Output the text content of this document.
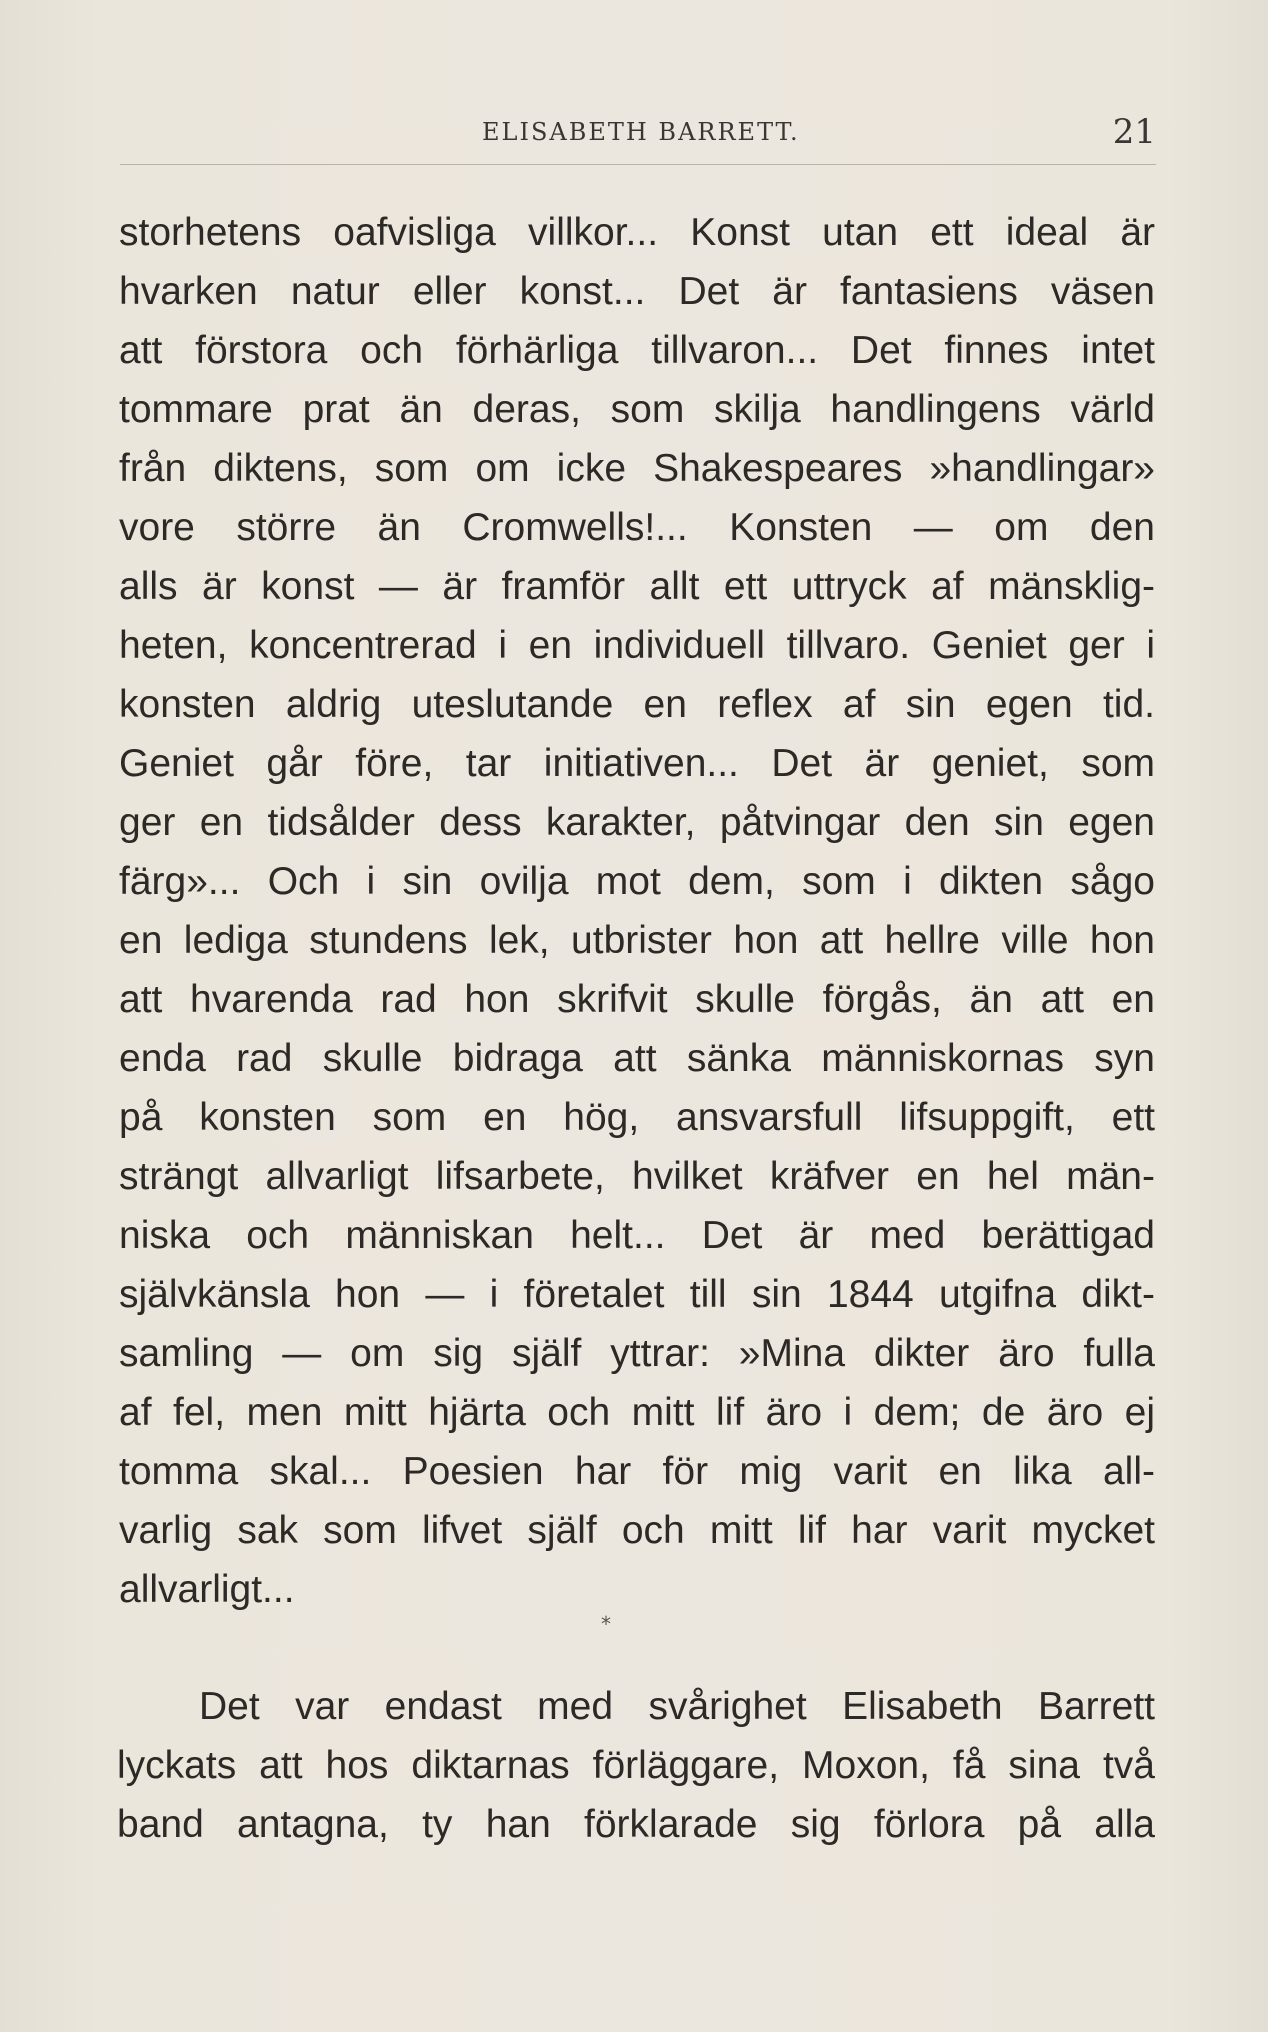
ELISABETH BARRETT.	21
storhetens oafvisliga villkor... Konst utan ett ideal är
hvarken natur eller konst... Det är fantasiens väsen
att förstora och förhärliga tillvaron... Det finnes intet
tommare prat än deras, som skilja handlingens värld
från diktens, som om icke Shakespeares »handlingar»
vore större än Cromwells!... Konsten — om den
alls är konst — är framför allt ett uttryck af mänsklig-
heten, koncentrerad i en individuell tillvaro. Geniet ger i
konsten aldrig uteslutande en reflex af sin egen tid.
Geniet går före, tar initiativen... Det är geniet, som
ger en tidsålder dess karakter, påtvingar den sin egen
färg»... Och i sin ovilja mot dem, som i dikten sågo
en lediga stundens lek, utbrister hon att hellre ville hon
att hvarenda rad hon skrifvit skulle förgås, än att en
enda rad skulle bidraga att sänka människornas syn
på konsten som en hög, ansvarsfull lifsuppgift, ett
strängt allvarligt lifsarbete, hvilket kräfver en hel män-
niska och människan helt... Det är med berättigad
självkänsla hon — i företalet till sin 1844 utgifna dikt-
samling — om sig själf yttrar: »Mina dikter äro fulla
af fel, men mitt hjärta och mitt lif äro i dem; de äro ej
tomma skal... Poesien har för mig varit en lika all-
varlig sak som lifvet själf och mitt lif har varit mycket
allvarligt...
*
Det var endast med svårighet Elisabeth Barrett
lyckats att hos diktarnas förläggare, Moxon, få sina två
band antagna, ty han förklarade sig förlora på alla
